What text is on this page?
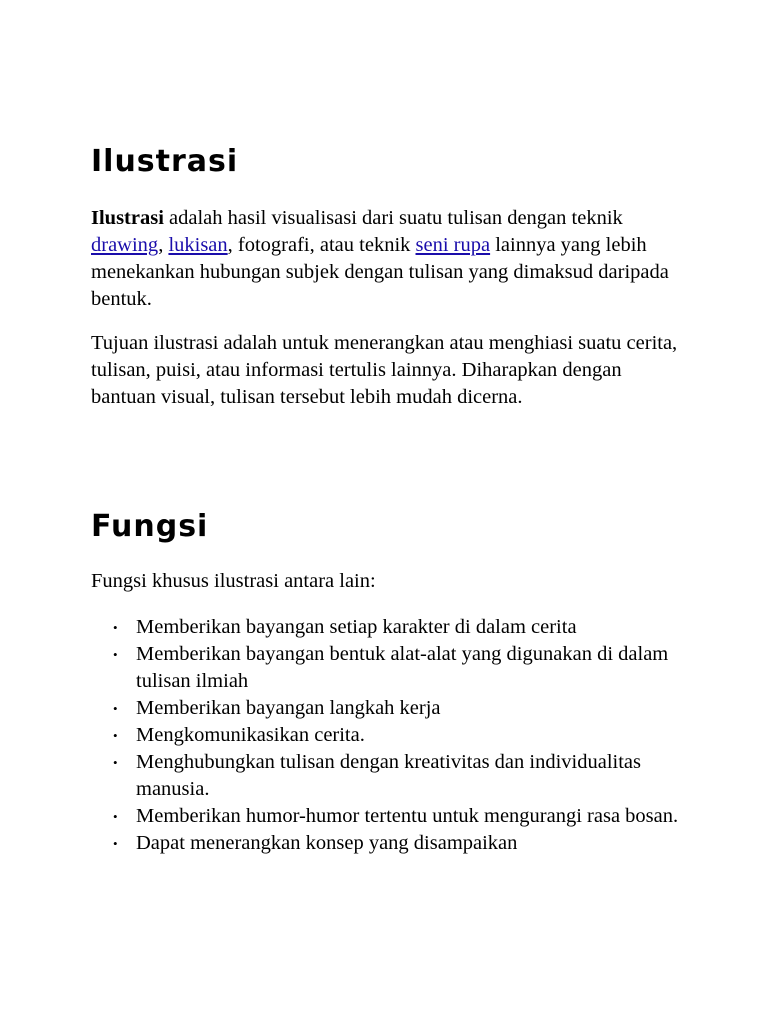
Ilustrasi

Ilustrasi adalah hasil visualisasi dari suatu tulisan dengan teknik drawing, lukisan, fotografi, atau teknik seni rupa lainnya yang lebih menekankan hubungan subjek dengan tulisan yang dimaksud daripada bentuk.

Tujuan ilustrasi adalah untuk menerangkan atau menghiasi suatu cerita, tulisan, puisi, atau informasi tertulis lainnya. Diharapkan dengan bantuan visual, tulisan tersebut lebih mudah dicerna.

Fungsi

Fungsi khusus ilustrasi antara lain:

• Memberikan bayangan setiap karakter di dalam cerita
• Memberikan bayangan bentuk alat-alat yang digunakan di dalam tulisan ilmiah
• Memberikan bayangan langkah kerja
• Mengkomunikasikan cerita.
• Menghubungkan tulisan dengan kreativitas dan individualitas manusia.
• Memberikan humor-humor tertentu untuk mengurangi rasa bosan.
• Dapat menerangkan konsep yang disampaikan
